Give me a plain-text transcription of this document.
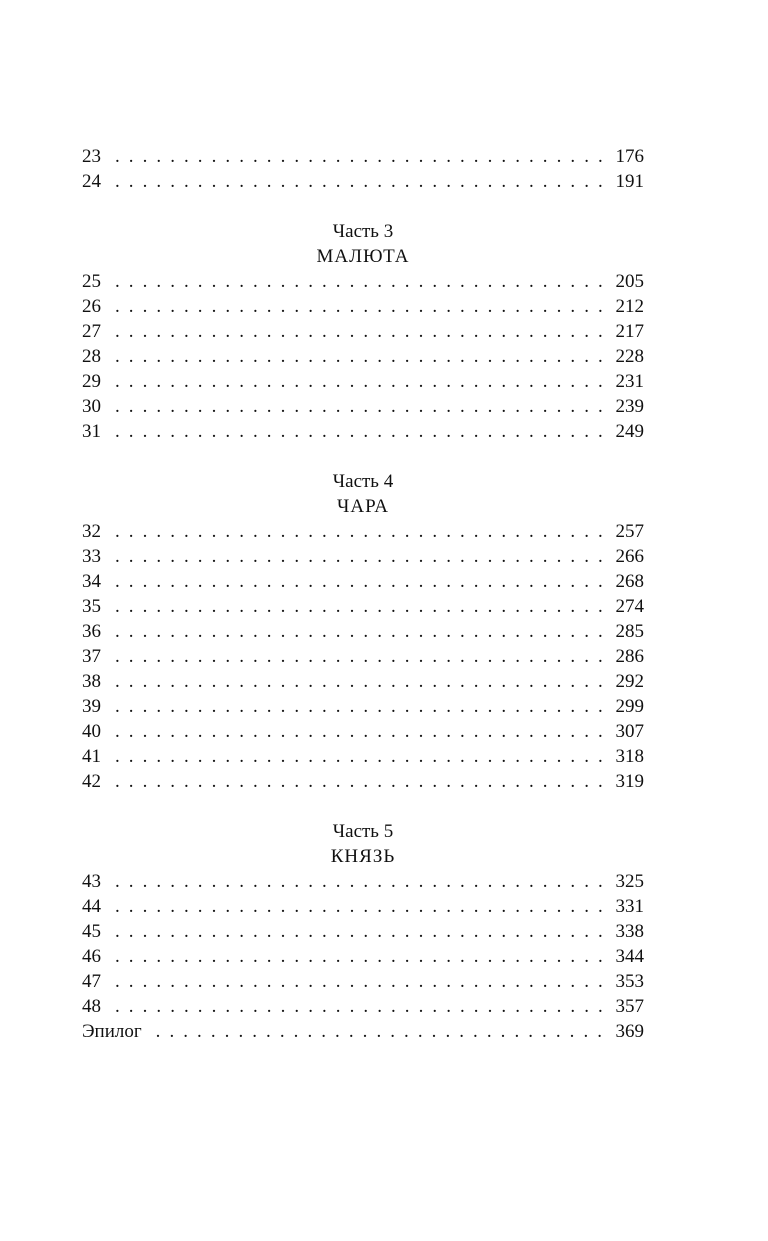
23 . . .	176
24 . . .	191
Часть 3
МАЛЮТА
25 . . .	205
26 . . .	212
27 . . .	217
28 . . .	228
29 . . .	231
30 . . .	239
31 . . .	249
Часть 4
ЧАРА
32 . . .	257
33 . . .	266
34 . . .	268
35 . . .	274
36 . . .	285
37 . . .	286
38 . . .	292
39 . . .	299
40 . . .	307
41 . . .	318
42 . . .	319
Часть 5
КНЯЗЬ
43 . . .	325
44 . . .	331
45 . . .	338
46 . . .	344
47 . . .	353
48 . . .	357
Эпилог . . .	369
